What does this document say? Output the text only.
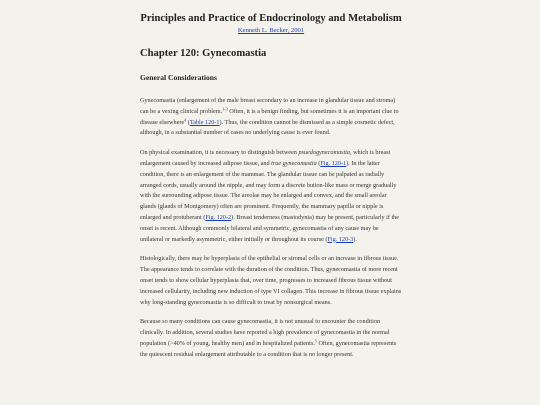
Principles and Practice of Endocrinology and Metabolism
Kenneth L. Becker, 2001
Chapter 120: Gynecomastia
General Considerations

Gynecomastia (enlargement of the male breast secondary to an increase in glandular tissue and stroma) can be a vexing clinical problem.$^{1-3}$ Often, it is a benign finding, but sometimes it is an important clue to disease elsewhere$^4$ (Table 120-1). Thus, the condition cannot be dismissed as a simple cosmetic defect, although, in a substantial number of cases no underlying cause is ever found.

On physical examination, it is necessary to distinguish between psuedogynecomastia, which is breast enlargement caused by increased adipose tissue, and true gynecomastia (Fig. 120-1). In the latter condition, there is an enlargement of the mammae. The glandular tissue can be palpated as radially arranged cords, usually around the nipple, and may form a discrete button-like mass or merge gradually with the surrounding adipose tissue. The areolae may be enlarged and convex, and the small areolar glands (glands of Montgomery) often are prominent. Frequently, the mammary papilla or nipple is enlarged and protuberant (Fig. 120-2). Breast tenderness (mastodynia) may be present, particularly if the onset is recent. Although commonly bilateral and symmetric, gynecomastia of any cause may be unilateral or markedly asymmetric, either initially or throughout its course (Fig. 120-3).

Histologically, there may be hyperplasia of the epithelial or stromal cells or an increase in fibrous tissue. The appearance tends to correlate with the duration of the condition. Thus, gynecomastia of more recent onset tends to show cellular hyperplasia that, over time, progresses to increased fibrous tissue without increased cellularity, including new induction of type VI collagen. This increase in fibrous tissue explains why long-standing gynecomastia is so difficult to treat by nonsurgical means.

Because so many conditions can cause gynecomastia, it is not unusual to encounter the condition clinically. In addition, several studies have reported a high prevalence of gynecomastia in the normal population (>40% of young, healthy men) and in hospitalized patients.$^5$ Often, gynecomastia represents the quiescent residual enlargement attributable to a condition that is no longer present.
